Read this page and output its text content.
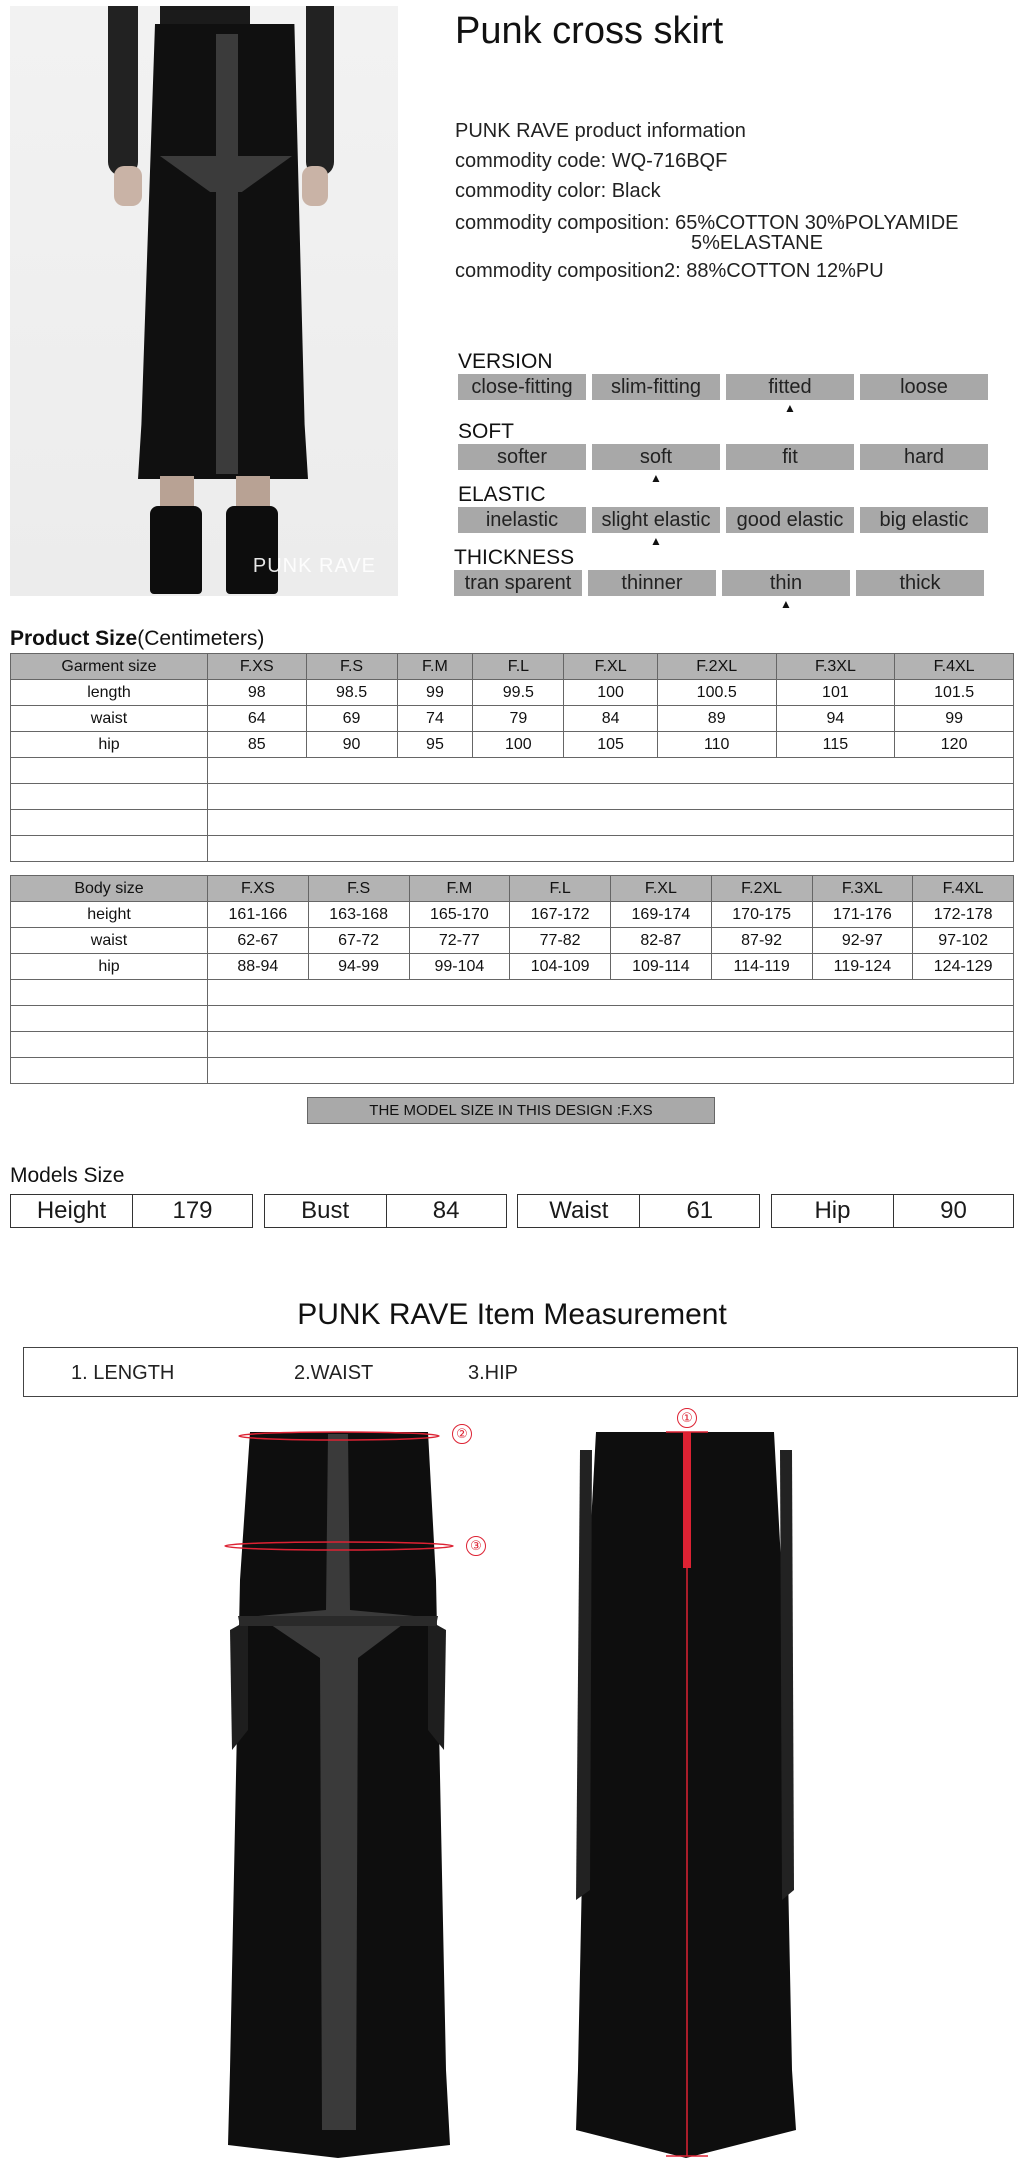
PUNK RAVE
Punk cross skirt
PUNK RAVE product information
commodity code: WQ-716BQF
commodity color: Black
commodity composition: 65%COTTON 30%POLYAMIDE
5%ELASTANE
commodity composition2: 88%COTTON 12%PU
VERSION
close-fitting	slim-fitting	fitted
▲
loose
SOFT
softer	soft
▲
fit	hard
ELASTIC
inelastic	slight elastic
▲
good elastic	big elastic
THICKNESS
tran sparent	thinner	thin
▲
thick
Product Size(Centimeters)
Garment size	F.XS	F.S	F.M	F.L	F.XL	F.2XL	F.3XL	F.4XL
length	98	98.5	99	99.5	100	100.5	101	101.5
waist	64	69	74	79	84	89	94	99
hip	85	90	95	100	105	110	115	120

Body size	F.XS	F.S	F.M	F.L	F.XL	F.2XL	F.3XL	F.4XL
height	161-166	163-168	165-170	167-172	169-174	170-175	171-176	172-178
waist	62-67	67-72	72-77	77-82	82-87	87-92	92-97	97-102
hip	88-94	94-99	99-104	104-109	109-114	114-119	119-124	124-129

THE MODEL SIZE IN THIS DESIGN :F.XS
Models Size
Height	179	Bust	84	Waist	61	Hip	90
PUNK RAVE Item Measurement
1. LENGTH	2.WAIST	3.HIP
②
③
①
